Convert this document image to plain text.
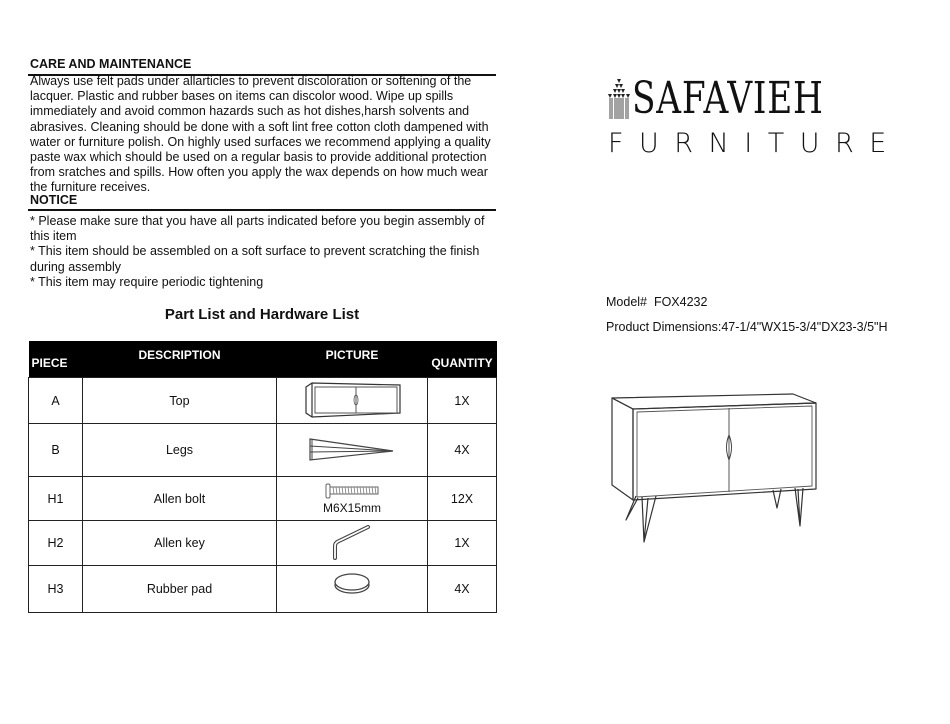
CARE AND MAINTENANCE
Always use felt pads under allarticles to prevent discoloration or softening of the lacquer. Plastic and rubber bases on items can discolor wood. Wipe up spills immediately and avoid common hazards such as hot dishes,harsh solvents and abrasives. Cleaning should be done with a soft lint free cotton cloth dampened with water or furniture polish. On highly used surfaces we recommend applying a quality paste wax which should be used on a regular basis to provide additional protection from sratches and spills. How often you apply the wax depends on how much wear the furniture receives.
NOTICE

* Please make sure that you have all parts indicated before you begin assembly of this item

* This item should be assembled on a soft surface to prevent scratching the finish during assembly

* This item may require periodic tightening

Part List and Hardware List
PIECE	DESCRIPTION	PICTURE	QUANTITY
A	Top		1X
B	Legs		4X
H1	Allen bolt	M6X15mm	12X
H2	Allen key		1X
H3	Rubber pad		4X
SAFAVIEH
FURNITURE
Model#  FOX4232
Product Dimensions:47-1/4"WX15-3/4"DX23-3/5"H
